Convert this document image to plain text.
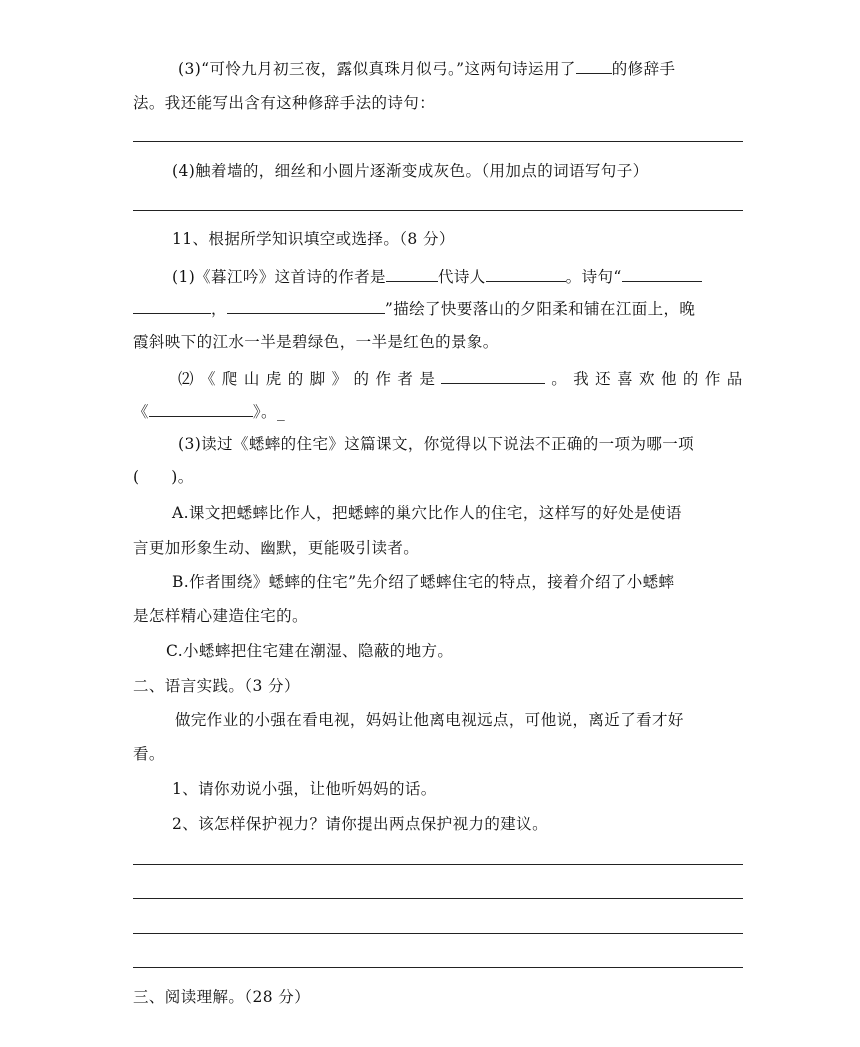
(3)“可怜九月初三夜，露似真珠月似弓。”这两句诗运用了 的修辞手
法。我还能写出含有这种修辞手法的诗句：
(4)触着墙的，细丝和小圆片逐渐变成灰色。（用加点的词语写句子）
11、根据所学知识填空或选择。（8 分）
(1)《暮江吟》这首诗的作者是	代诗人	。诗句“
，	”描绘了快要落山的夕阳柔和铺在江面上，晚
霞斜映下的江水一半是碧绿色，一半是红色的景象。
⑵ 《 爬 山 虎 的 脚 》 的 作 者 是	。 我 还 喜 欢 他 的 作 品
《	》。_
(3)读过《蟋蟀的住宅》这篇课文，你觉得以下说法不正确的一项为哪一项
(　　)。
A.课文把蟋蟀比作人，把蟋蟀的巢穴比作人的住宅，这样写的好处是使语
言更加形象生动、幽默，更能吸引读者。
B.作者围绕》蟋蟀的住宅”先介绍了蟋蟀住宅的特点，接着介绍了小蟋蟀
是怎样精心建造住宅的。
C.小蟋蟀把住宅建在潮湿、隐蔽的地方。
二、语言实践。（3 分）
做完作业的小强在看电视，妈妈让他离电视远点，可他说，离近了看才好
看。
1、请你劝说小强，让他听妈妈的话。
2、该怎样保护视力？请你提出两点保护视力的建议。
三、阅读理解。（28 分）
